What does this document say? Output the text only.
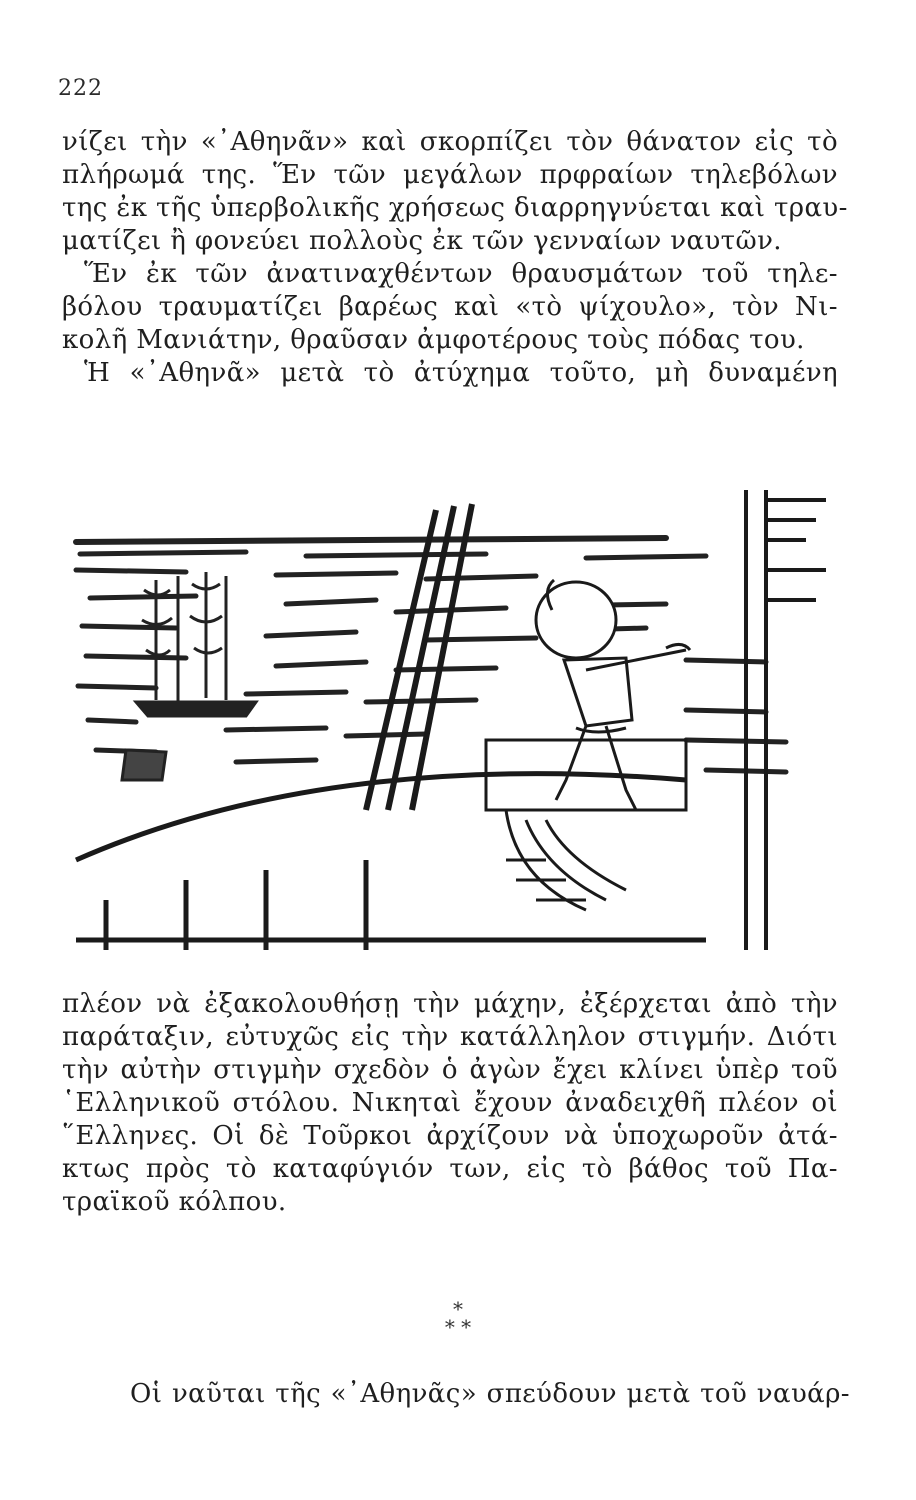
222
νίζει τὴν «᾿Αθηνᾶν» καὶ σκορπίζει τὸν θάνατον εἰς τὸ
πλήρωμά της. Ἕν τῶν μεγάλων πρφραίων τηλεβόλων
της ἐκ τῆς ὑπερβολικῆς χρήσεως διαρρηγνύεται καὶ τραυ-
ματίζει ἢ φονεύει πολλοὺς ἐκ τῶν γενναίων ναυτῶν.
Ἕν ἐκ τῶν ἀνατιναχθέντων θραυσμάτων τοῦ τηλε-
βόλου τραυματίζει βαρέως καὶ «τὸ ψίχουλο», τὸν Νι-
κολῆ Μανιάτην, θραῦσαν ἀμφοτέρους τοὺς πόδας του.
Ἡ «᾿Αθηνᾶ» μετὰ τὸ ἀτύχημα τοῦτο, μὴ δυναμένη
πλέον νὰ ἐξακολουθήσῃ τὴν μάχην, ἐξέρχεται ἀπὸ τὴν
παράταξιν, εὐτυχῶς εἰς τὴν κατάλληλον στιγμήν. Διότι
τὴν αὐτὴν στιγμὴν σχεδὸν ὁ ἀγὼν ἔχει κλίνει ὑπὲρ τοῦ
῾Ελληνικοῦ στόλου. Νικηταὶ ἔχουν ἀναδειχθῆ πλέον οἱ
῞Ελληνες. Οἱ δὲ Τοῦρκοι ἀρχίζουν νὰ ὑποχωροῦν ἀτά-
κτως πρὸς τὸ καταφύγιόν των, εἰς τὸ βάθος τοῦ Πα-
τραϊκοῦ κόλπου.
*
* *
Οἱ ναῦται τῆς «᾿Αθηνᾶς» σπεύδουν μετὰ τοῦ ναυάρ-
